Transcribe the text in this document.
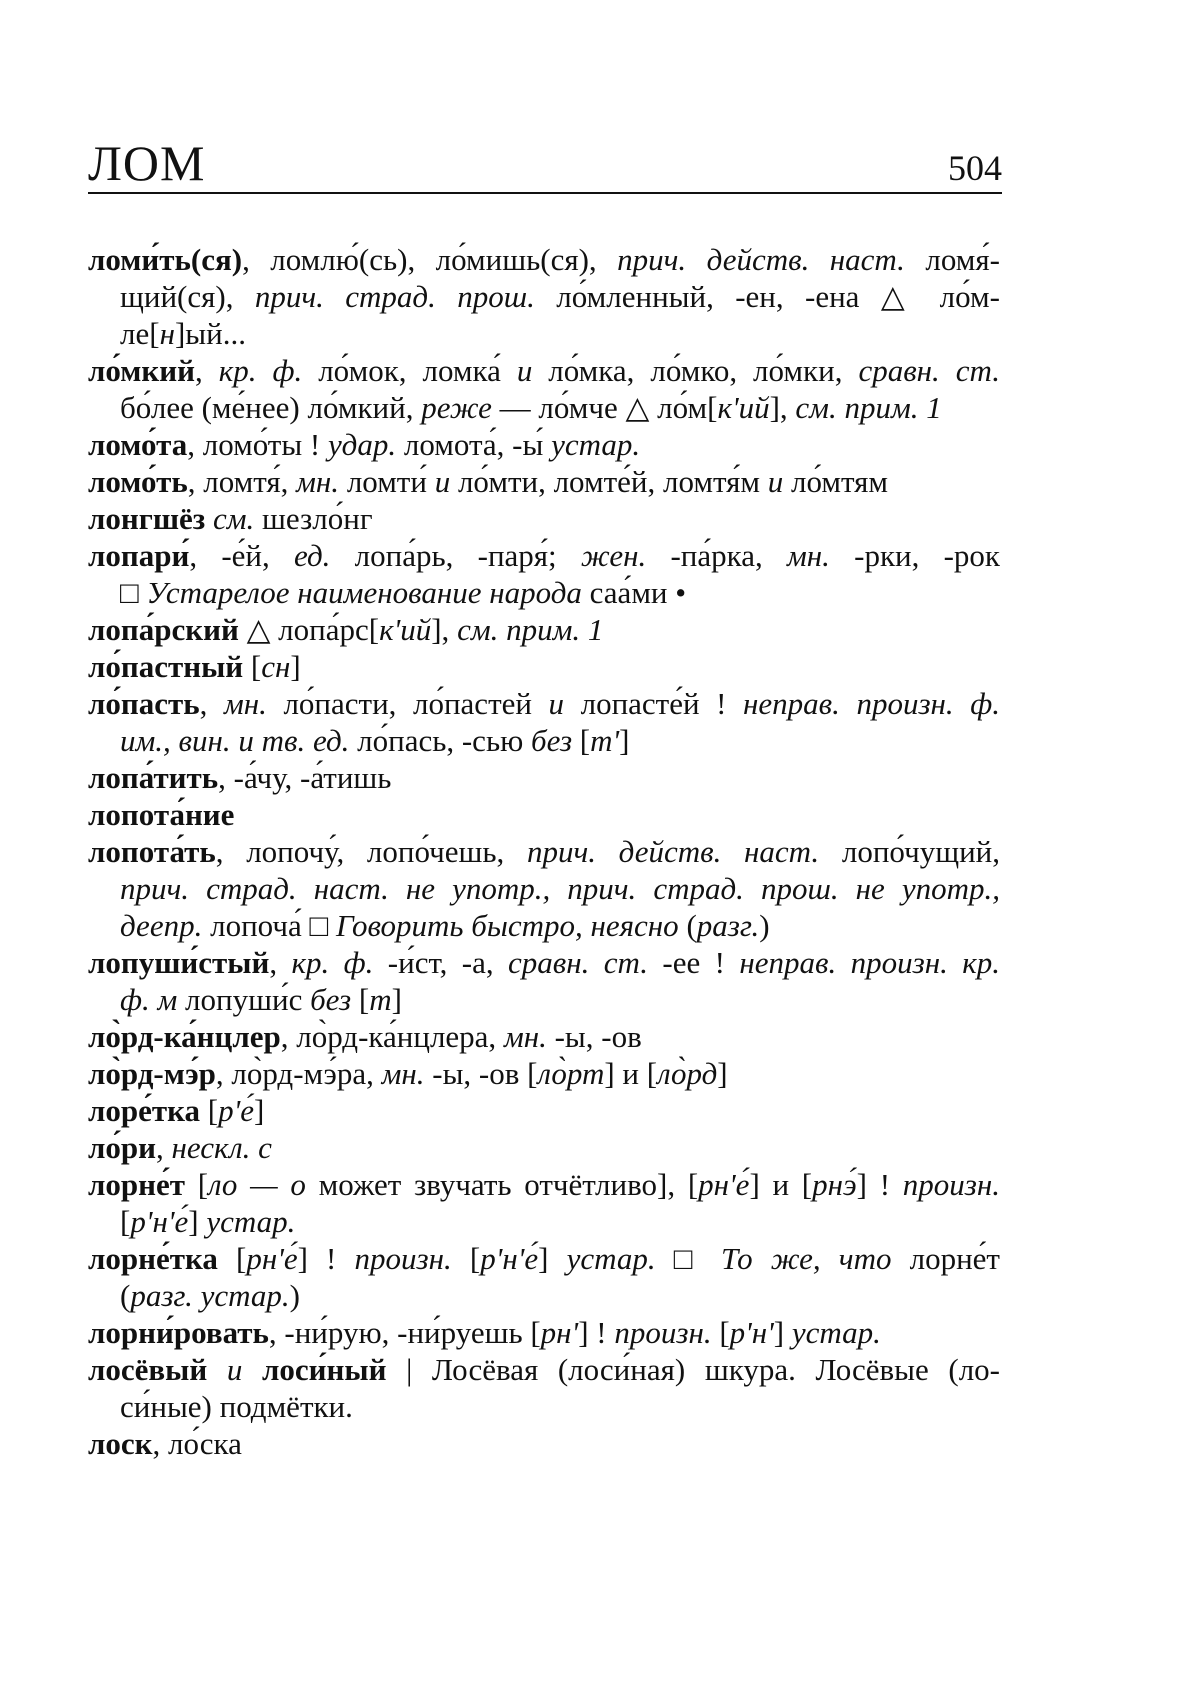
ЛОМ	504
ломи́ть(ся), ломлю́(сь), ло́мишь(ся), прич. действ. наст. ломя́-
щий(ся), прич. страд. прош. ло́мленный, -ен, -ена △ ло́м-
ле[н]ый...
ло́мкий, кр. ф. ло́мок, ломка́ и ло́мка, ло́мко, ло́мки, сравн. ст.
бо́лее (ме́нее) ло́мкий, реже — ло́мче △ ло́м[к'ий], см. прим. 1
ломо́та, ломо́ты ! удар. ломота́, -ы́ устар.
ломо́ть, ломтя́, мн. ломти́ и ло́мти, ломте́й, ломтя́м и ло́мтям
лонгшёз см. шезло́нг
лопари́, -е́й, ед. лопа́рь, -паря́; жен. -па́рка, мн. -рки, -рок
□ Устарелое наименование народа саа́ми •
лопа́рский △ лопа́рс[к'ий], см. прим. 1
ло́пастный [сн]
ло́пасть, мн. ло́пасти, ло́пастей и лопасте́й ! неправ. произн. ф.
им., вин. и тв. ед. ло́пась, -сью без [т']
лопа́тить, -а́чу, -а́тишь
лопота́ние
лопота́ть, лопочу́, лопо́чешь, прич. действ. наст. лопо́чущий,
прич. страд. наст. не употр., прич. страд. прош. не употр.,
деепр. лопоча́ □ Говорить быстро, неясно (разг.)
лопуши́стый, кр. ф. -и́ст, -а, сравн. ст. -ее ! неправ. произн. кр.
ф. м лопуши́с без [т]
ло̀рд-ка́нцлер, ло̀рд-ка́нцлера, мн. -ы, -ов
ло̀рд-мэ́р, ло̀рд-мэ́ра, мн. -ы, -ов [ло̀рт] и [ло̀рд]
лоре́тка [р'е́]
ло́ри, нескл. с
лорне́т [ло — о может звучать отчётливо], [рн'е́] и [рнэ́] ! произн.
[р'н'е́] устар.
лорне́тка [рн'е́] ! произн. [р'н'е́] устар. □ То же, что лорне́т
(разг. устар.)
лорни́ровать, -ни́рую, -ни́руешь [рн'] ! произн. [р'н'] устар.
лосёвый и лоси́ный | Лосёвая (лоси́ная) шкура. Лосёвые (ло-
си́ные) подмётки.
лоск, ло́ска
